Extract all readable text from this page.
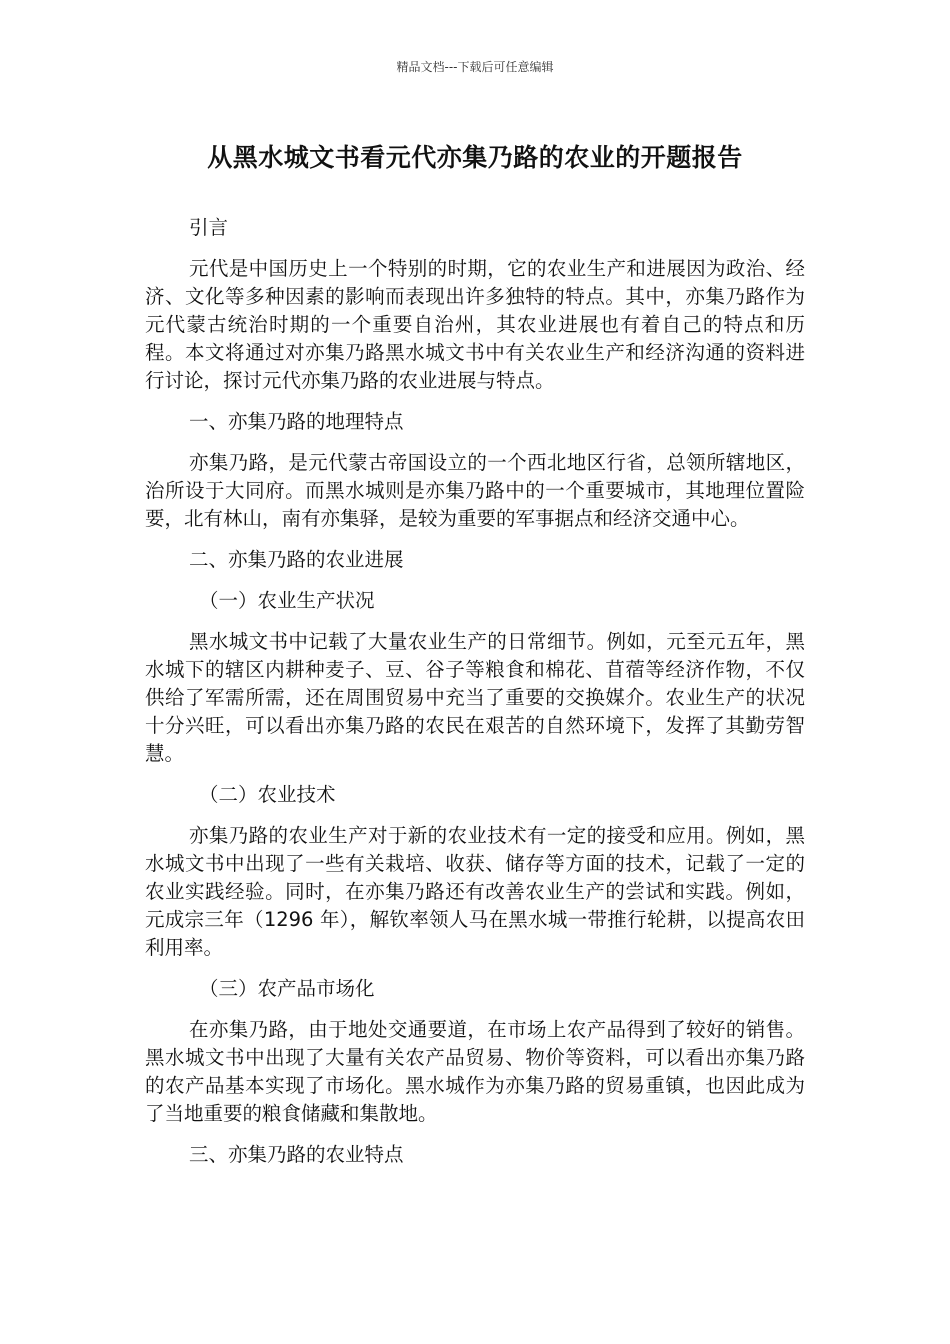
精品文档---下载后可任意编辑
从黑水城文书看元代亦集乃路的农业的开题报告

引言

元代是中国历史上一个特别的时期，它的农业生产和进展因为政治、经济、文化等多种因素的影响而表现出许多独特的特点。其中，亦集乃路作为元代蒙古统治时期的一个重要自治州，其农业进展也有着自己的特点和历程。本文将通过对亦集乃路黑水城文书中有关农业生产和经济沟通的资料进行讨论，探讨元代亦集乃路的农业进展与特点。

一、亦集乃路的地理特点

亦集乃路，是元代蒙古帝国设立的一个西北地区行省，总领所辖地区，治所设于大同府。而黑水城则是亦集乃路中的一个重要城市，其地理位置险要，北有林山，南有亦集驿，是较为重要的军事据点和经济交通中心。

二、亦集乃路的农业进展

（一）农业生产状况

黑水城文书中记载了大量农业生产的日常细节。例如，元至元五年，黑水城下的辖区内耕种麦子、豆、谷子等粮食和棉花、苜蓿等经济作物，不仅供给了军需所需，还在周围贸易中充当了重要的交换媒介。农业生产的状况十分兴旺，可以看出亦集乃路的农民在艰苦的自然环境下，发挥了其勤劳智慧。

（二）农业技术

亦集乃路的农业生产对于新的农业技术有一定的接受和应用。例如，黑水城文书中出现了一些有关栽培、收获、储存等方面的技术，记载了一定的农业实践经验。同时，在亦集乃路还有改善农业生产的尝试和实践。例如，元成宗三年（1296 年），解钦率领人马在黑水城一带推行轮耕，以提高农田利用率。

（三）农产品市场化

在亦集乃路，由于地处交通要道，在市场上农产品得到了较好的销售。黑水城文书中出现了大量有关农产品贸易、物价等资料，可以看出亦集乃路的农产品基本实现了市场化。黑水城作为亦集乃路的贸易重镇，也因此成为了当地重要的粮食储藏和集散地。

三、亦集乃路的农业特点
